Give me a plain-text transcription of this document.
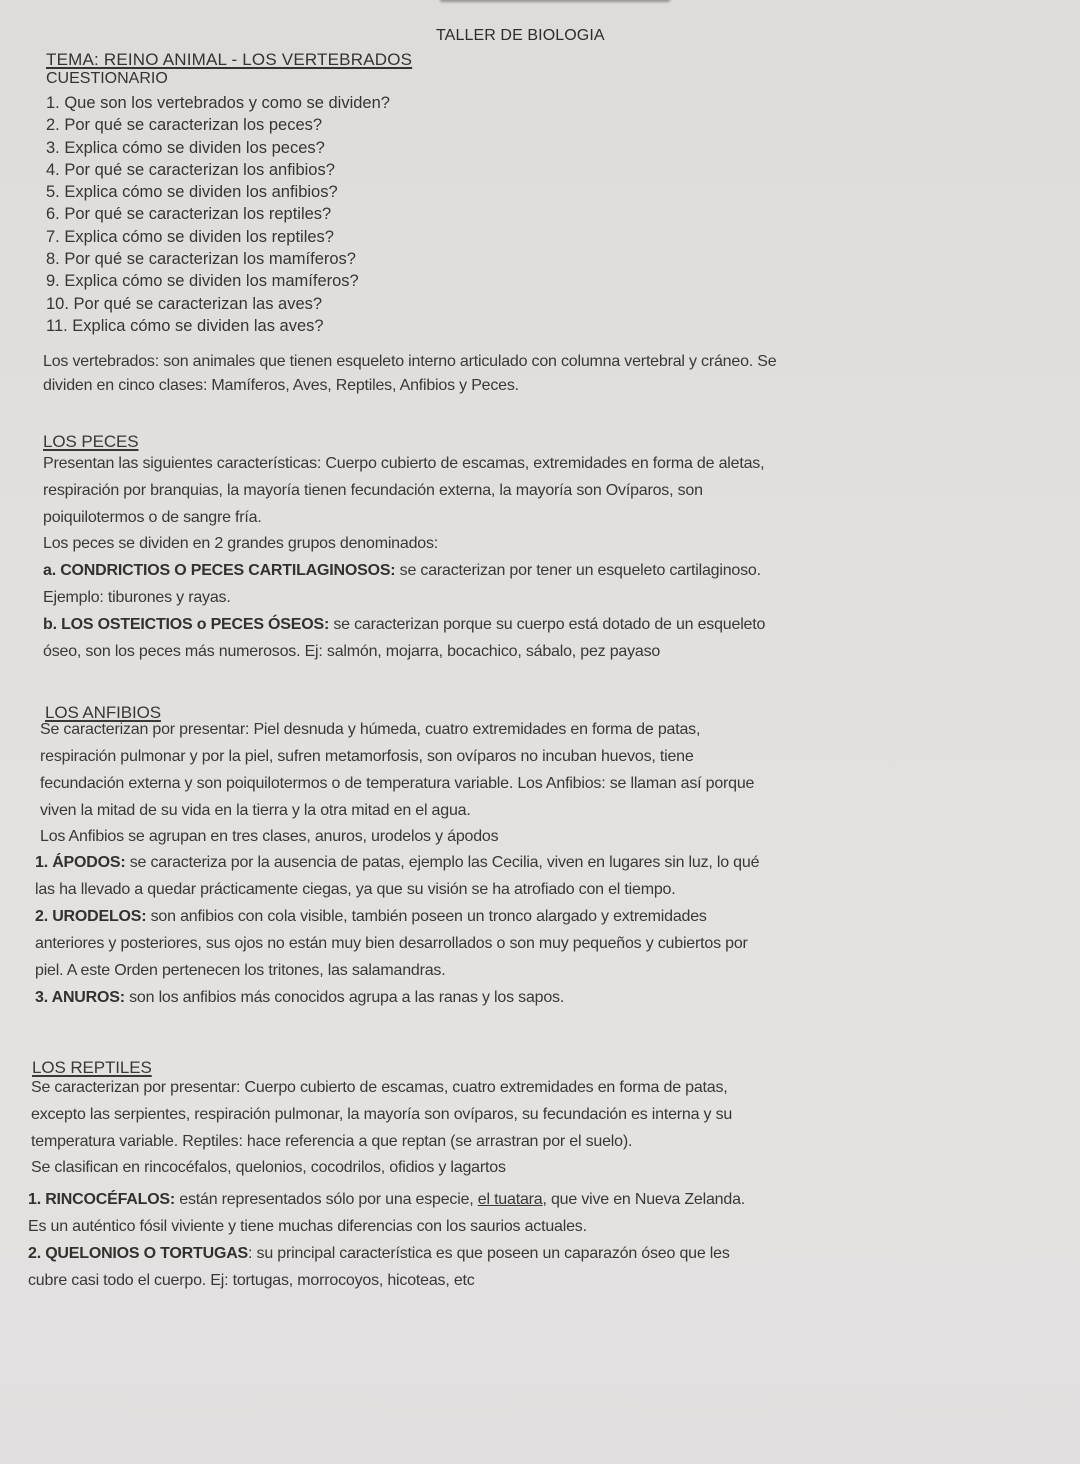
TALLER DE BIOLOGIA
TEMA: REINO ANIMAL - LOS VERTEBRADOS
CUESTIONARIO
1. Que son los vertebrados y como se dividen?
2. Por qué se caracterizan los peces?
3. Explica cómo se dividen los peces?
4. Por qué se caracterizan los anfibios?
5. Explica cómo se dividen los anfibios?
6. Por qué se caracterizan los reptiles?
7. Explica cómo se dividen los reptiles?
8. Por qué se caracterizan los mamíferos?
9. Explica cómo se dividen los mamíferos?
10. Por qué se caracterizan las aves?
11. Explica cómo se dividen las aves?
Los vertebrados: son animales que tienen esqueleto interno articulado con columna vertebral y cráneo. Se
dividen en cinco clases: Mamíferos, Aves, Reptiles, Anfibios y Peces.
LOS PECES
Presentan las siguientes características: Cuerpo cubierto de escamas, extremidades en forma de aletas,
respiración por branquias, la mayoría tienen fecundación externa, la mayoría son Ovíparos, son
poiquilotermos o de sangre fría.
Los peces se dividen en 2 grandes grupos denominados:
a. CONDRICTIOS O PECES CARTILAGINOSOS: se caracterizan por tener un esqueleto cartilaginoso.
Ejemplo: tiburones y rayas.
b. LOS OSTEICTIOS o PECES ÓSEOS: se caracterizan porque su cuerpo está dotado de un esqueleto
óseo, son los peces más numerosos. Ej: salmón, mojarra, bocachico, sábalo, pez payaso
LOS ANFIBIOS
Se caracterizan por presentar: Piel desnuda y húmeda, cuatro extremidades en forma de patas,
respiración pulmonar y por la piel, sufren metamorfosis, son ovíparos no incuban huevos, tiene
fecundación externa y son poiquilotermos o de temperatura variable. Los Anfibios: se llaman así porque
viven la mitad de su vida en la tierra y la otra mitad en el agua.
Los Anfibios se agrupan en tres clases, anuros, urodelos y ápodos
1. ÁPODOS: se caracteriza por la ausencia de patas, ejemplo las Cecilia, viven en lugares sin luz, lo qué
las ha llevado a quedar prácticamente ciegas, ya que su visión se ha atrofiado con el tiempo.
2. URODELOS: son anfibios con cola visible, también poseen un tronco alargado y extremidades
anteriores y posteriores, sus ojos no están muy bien desarrollados o son muy pequeños y cubiertos por
piel. A este Orden pertenecen los tritones, las salamandras.
3. ANUROS: son los anfibios más conocidos agrupa a las ranas y los sapos.
LOS REPTILES
Se caracterizan por presentar: Cuerpo cubierto de escamas, cuatro extremidades en forma de patas,
excepto las serpientes, respiración pulmonar, la mayoría son ovíparos, su fecundación es interna y su
temperatura variable. Reptiles: hace referencia a que reptan (se arrastran por el suelo).
Se clasifican en rincocéfalos, quelonios, cocodrilos, ofidios y lagartos
1. RINCOCÉFALOS: están representados sólo por una especie, el tuatara, que vive en Nueva Zelanda.
Es un auténtico fósil viviente y tiene muchas diferencias con los saurios actuales.
2. QUELONIOS O TORTUGAS: su principal característica es que poseen un caparazón óseo que les
cubre casi todo el cuerpo. Ej: tortugas, morrocoyos, hicoteas, etc
